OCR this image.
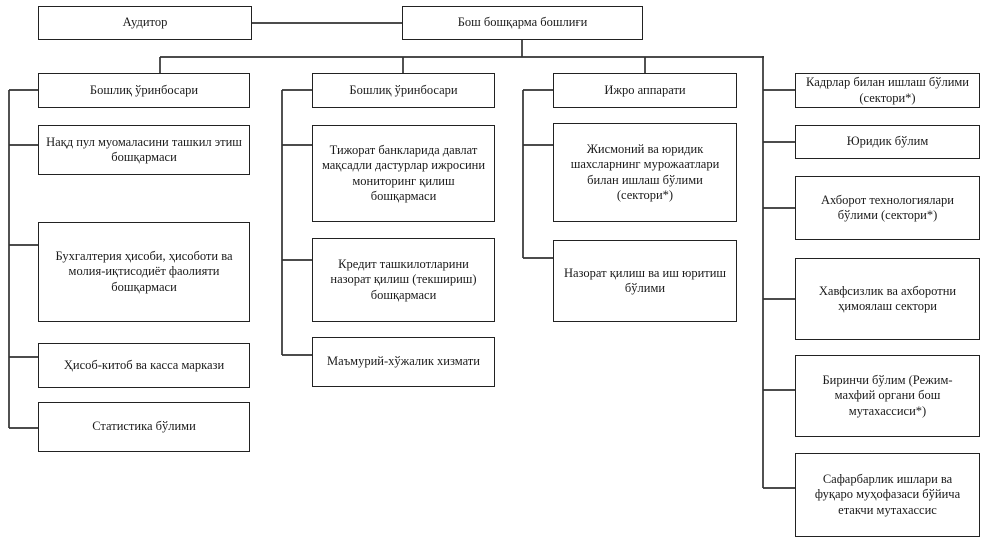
Аудитор	Бош бошқарма бошлиғи
Бошлиқ ўринбосари
Нақд пул муомаласини ташкил этиш бошқармаси
Бухгалтерия ҳисоби, ҳисоботи ва молия-иқтисодиёт фаолияти бошқармаси
Ҳисоб-китоб ва касса маркази
Статистика бўлими
Бошлиқ ўринбосари
Тижорат банкларида давлат мақсадли дастурлар ижросини мониторинг қилиш бошқармаси
Кредит ташкилотларини назорат қилиш (текшириш) бошқармаси
Маъмурий-хўжалик хизмати
Ижро аппарати
Жисмоний ва юридик шахсларнинг мурожаатлари билан ишлаш бўлими (сектори*)
Назорат қилиш ва иш юритиш бўлими
Кадрлар билан ишлаш бўлими (сектори*)
Юридик бўлим
Ахборот технологиялари бўлими (сектори*)
Хавфсизлик ва ахборотни ҳимоялаш сектори
Биринчи бўлим (Режим-махфий органи бош мутахассиси*)
Сафарбарлик ишлари ва фуқаро муҳофазаси бўйича етакчи мутахассис
